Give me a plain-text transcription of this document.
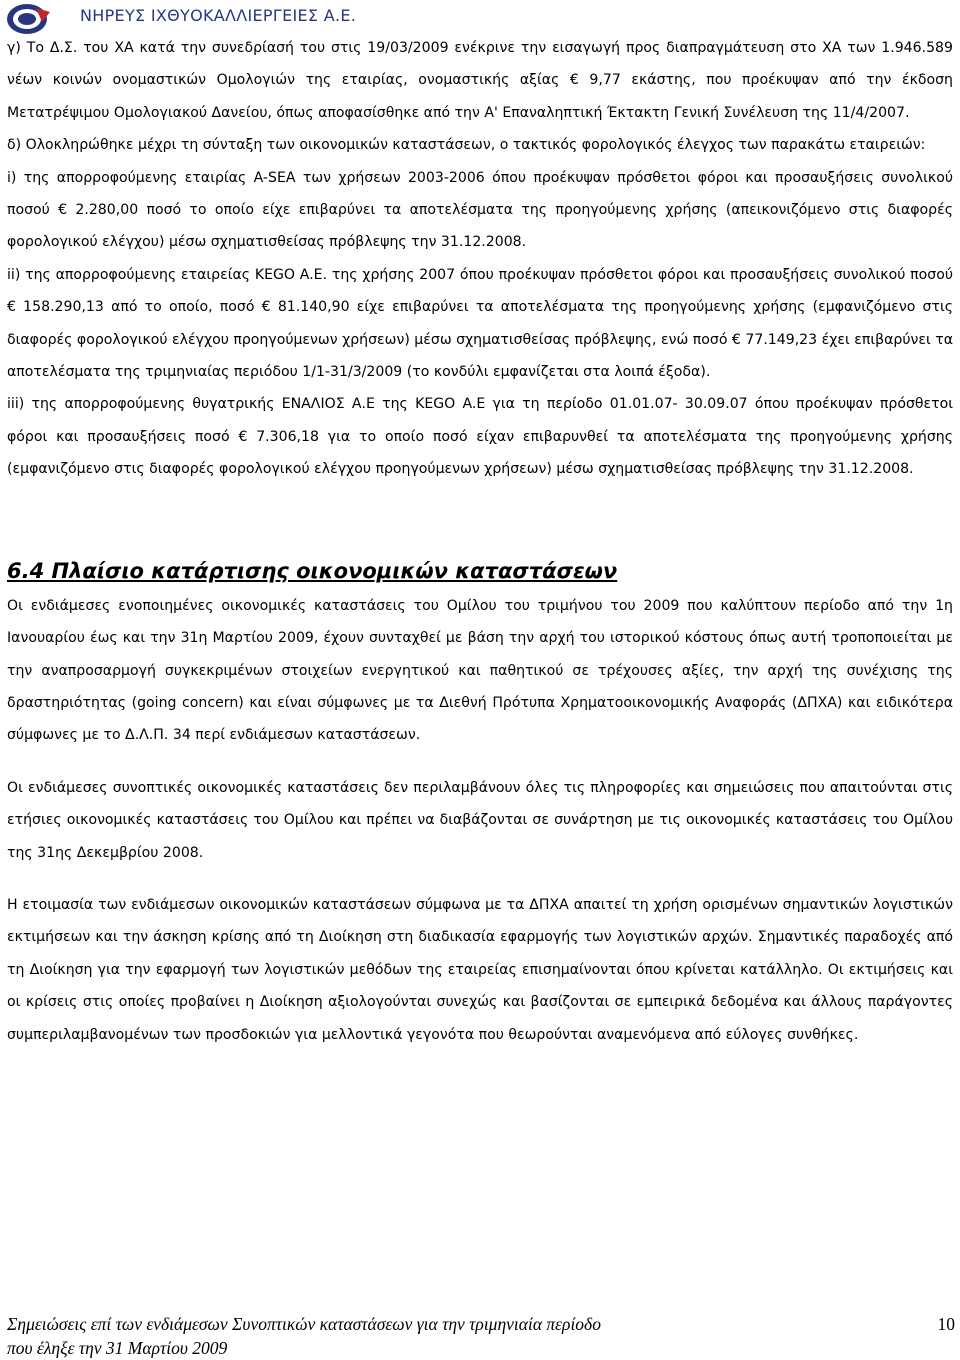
ΝΗΡΕΥΣ ΙΧΘΥΟΚΑΛΛΙΕΡΓΕΙΕΣ Α.Ε.

γ) Το Δ.Σ. του ΧΑ κατά την συνεδρίασή του στις 19/03/2009 ενέκρινε την εισαγωγή προς διαπραγμάτευση στο ΧΑ των 1.946.589 νέων κοινών ονομαστικών Ομολογιών της εταιρίας, ονομαστικής αξίας € 9,77 εκάστης, που προέκυψαν από την έκδοση Μετατρέψιμου Ομολογιακού Δανείου, όπως αποφασίσθηκε από την Α' Επαναληπτική Έκτακτη Γενική Συνέλευση της 11/4/2007.

δ) Ολοκληρώθηκε μέχρι τη σύνταξη των οικονομικών καταστάσεων, ο τακτικός φορολογικός έλεγχος των παρακάτω εταιρειών:

i) της απορροφούμενης εταιρίας A-SEA των χρήσεων 2003-2006 όπου προέκυψαν πρόσθετοι φόροι και προσαυξήσεις συνολικού ποσού € 2.280,00 ποσό το οποίο είχε επιβαρύνει τα αποτελέσματα της προηγούμενης χρήσης (απεικονιζόμενο στις διαφορές φορολογικού ελέγχου) μέσω σχηματισθείσας πρόβλεψης την 31.12.2008.

ii) της απορροφούμενης εταιρείας KEGO A.E. της χρήσης 2007 όπου προέκυψαν πρόσθετοι φόροι και προσαυξήσεις συνολικού ποσού € 158.290,13 από το οποίο, ποσό € 81.140,90 είχε επιβαρύνει τα αποτελέσματα της προηγούμενης χρήσης (εμφανιζόμενο στις διαφορές φορολογικού ελέγχου προηγούμενων χρήσεων) μέσω σχηματισθείσας πρόβλεψης, ενώ ποσό € 77.149,23 έχει επιβαρύνει τα αποτελέσματα της τριμηνιαίας περιόδου 1/1-31/3/2009 (το κονδύλι εμφανίζεται στα λοιπά έξοδα).

iii) της απορροφούμενης θυγατρικής ΕΝΑΛΙΟΣ Α.Ε της KEGO A.E για τη περίοδο 01.01.07- 30.09.07 όπου προέκυψαν πρόσθετοι φόροι και προσαυξήσεις ποσό € 7.306,18 για το οποίο ποσό είχαν επιβαρυνθεί τα αποτελέσματα της προηγούμενης χρήσης (εμφανιζόμενο στις διαφορές φορολογικού ελέγχου προηγούμενων χρήσεων) μέσω σχηματισθείσας πρόβλεψης την 31.12.2008.

6.4 Πλαίσιο κατάρτισης οικονομικών καταστάσεων

Οι ενδιάμεσες ενοποιημένες οικονομικές καταστάσεις του Ομίλου του τριμήνου του 2009 που καλύπτουν περίοδο από την 1η Ιανουαρίου έως και την 31η Μαρτίου 2009, έχουν συνταχθεί με βάση την αρχή του ιστορικού κόστους όπως αυτή τροποποιείται με την αναπροσαρμογή συγκεκριμένων στοιχείων ενεργητικού και παθητικού σε τρέχουσες αξίες, την αρχή της συνέχισης της δραστηριότητας (going concern) και είναι σύμφωνες με τα Διεθνή Πρότυπα Χρηματοοικονομικής Αναφοράς (ΔΠΧΑ) και ειδικότερα σύμφωνες με το Δ.Λ.Π. 34 περί ενδιάμεσων καταστάσεων.

Οι ενδιάμεσες συνοπτικές οικονομικές καταστάσεις δεν περιλαμβάνουν όλες τις πληροφορίες και σημειώσεις που απαιτούνται στις ετήσιες οικονομικές καταστάσεις του Ομίλου και πρέπει να διαβάζονται σε συνάρτηση με τις οικονομικές καταστάσεις του Ομίλου της 31ης Δεκεμβρίου 2008.

Η ετοιμασία των ενδιάμεσων οικονομικών καταστάσεων σύμφωνα με τα ΔΠΧΑ απαιτεί τη χρήση ορισμένων σημαντικών λογιστικών εκτιμήσεων και την άσκηση κρίσης από τη Διοίκηση στη διαδικασία εφαρμογής των λογιστικών αρχών. Σημαντικές παραδοχές από τη Διοίκηση για την εφαρμογή των λογιστικών μεθόδων της εταιρείας επισημαίνονται όπου κρίνεται κατάλληλο. Οι εκτιμήσεις και οι κρίσεις στις οποίες προβαίνει η Διοίκηση αξιολογούνται συνεχώς και βασίζονται σε εμπειρικά δεδομένα και άλλους παράγοντες συμπεριλαμβανομένων των προσδοκιών για μελλοντικά γεγονότα που θεωρούνται αναμενόμενα από εύλογες συνθήκες.

Σημειώσεις επί των ενδιάμεσων Συνοπτικών καταστάσεων για την τριμηνιαία περίοδο
που έληξε την 31 Μαρτίου 2009
10
